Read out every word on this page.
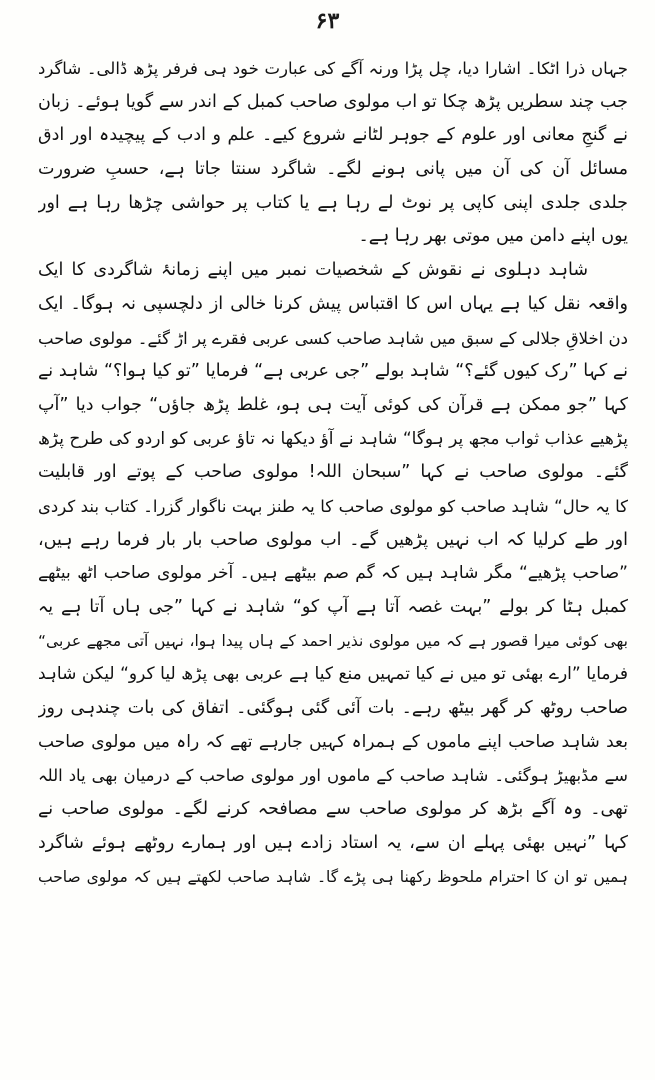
۶۳
جہاں ذرا اٹکا۔ اشارا دیا، چل پڑا ورنہ آگے کی عبارت خود ہی فرفر پڑھ ڈالی۔ شاگرد
جب چند سطریں پڑھ چکا تو اب مولوی صاحب کمبل کے اندر سے گویا ہوئے۔ زبان
نے گنجِ معانی اور علوم کے جوہر لٹانے شروع کیے۔ علم و ادب کے پیچیدہ اور ادق
مسائل آن کی آن میں پانی ہونے لگے۔ شاگرد سنتا جاتا ہے، حسبِ ضرورت
جلدی جلدی اپنی کاپی پر نوٹ لے رہا ہے یا کتاب پر حواشی چڑھا رہا ہے اور
یوں اپنے دامن میں موتی بھر رہا ہے۔
شاہد دہلوی نے نقوش کے شخصیات نمبر میں اپنے زمانۂ شاگردی کا ایک
واقعہ نقل کیا ہے یہاں اس کا اقتباس پیش کرنا خالی از دلچسپی نہ ہوگا۔ ایک
دن اخلاقِ جلالی کے سبق میں شاہد صاحب کسی عربی فقرے پر اڑ گئے۔ مولوی صاحب
نے کہا ”رک کیوں گئے؟“ شاہد بولے ”جی عربی ہے“ فرمایا ”تو کیا ہوا؟“ شاہد نے
کہا ”جو ممکن ہے قرآن کی کوئی آیت ہی ہو، غلط پڑھ جاؤں“ جواب دیا ”آپ
پڑھیے عذاب ثواب مجھ پر ہوگا“ شاہد نے آؤ دیکھا نہ تاؤ عربی کو اردو کی طرح پڑھ
گئے۔ مولوی صاحب نے کہا ”سبحان اللہ! مولوی صاحب کے پوتے اور قابلیت
کا یہ حال“ شاہد صاحب کو مولوی صاحب کا یہ طنز بہت ناگوار گزرا۔ کتاب بند کردی
اور طے کرلیا کہ اب نہیں پڑھیں گے۔ اب مولوی صاحب بار بار فرما رہے ہیں،
”صاحب پڑھیے“ مگر شاہد ہیں کہ گم صم بیٹھے ہیں۔ آخر مولوی صاحب اٹھ بیٹھے
کمبل ہٹا کر بولے ”بہت غصہ آتا ہے آپ کو“ شاہد نے کہا ”جی ہاں آتا ہے یہ
بھی کوئی میرا قصور ہے کہ میں مولوی نذیر احمد کے ہاں پیدا ہوا، نہیں آتی مجھے عربی“
فرمایا ”ارے بھئی تو میں نے کیا تمہیں منع کیا ہے عربی بھی پڑھ لیا کرو“ لیکن شاہد
صاحب روٹھ کر گھر بیٹھ رہے۔ بات آئی گئی ہوگئی۔ اتفاق کی بات چندہی روز
بعد شاہد صاحب اپنے ماموں کے ہمراہ کہیں جارہے تھے کہ راہ میں مولوی صاحب
سے مڈبھیڑ ہوگئی۔ شاہد صاحب کے ماموں اور مولوی صاحب کے درمیان بھی یاد اللہ
تھی۔ وہ آگے بڑھ کر مولوی صاحب سے مصافحہ کرنے لگے۔ مولوی صاحب نے
کہا ”نہیں بھئی پہلے ان سے، یہ استاد زادے ہیں اور ہمارے روٹھے ہوئے شاگرد
ہمیں تو ان کا احترام ملحوظ رکھنا ہی پڑے گا۔ شاہد صاحب لکھتے ہیں کہ مولوی صاحب
